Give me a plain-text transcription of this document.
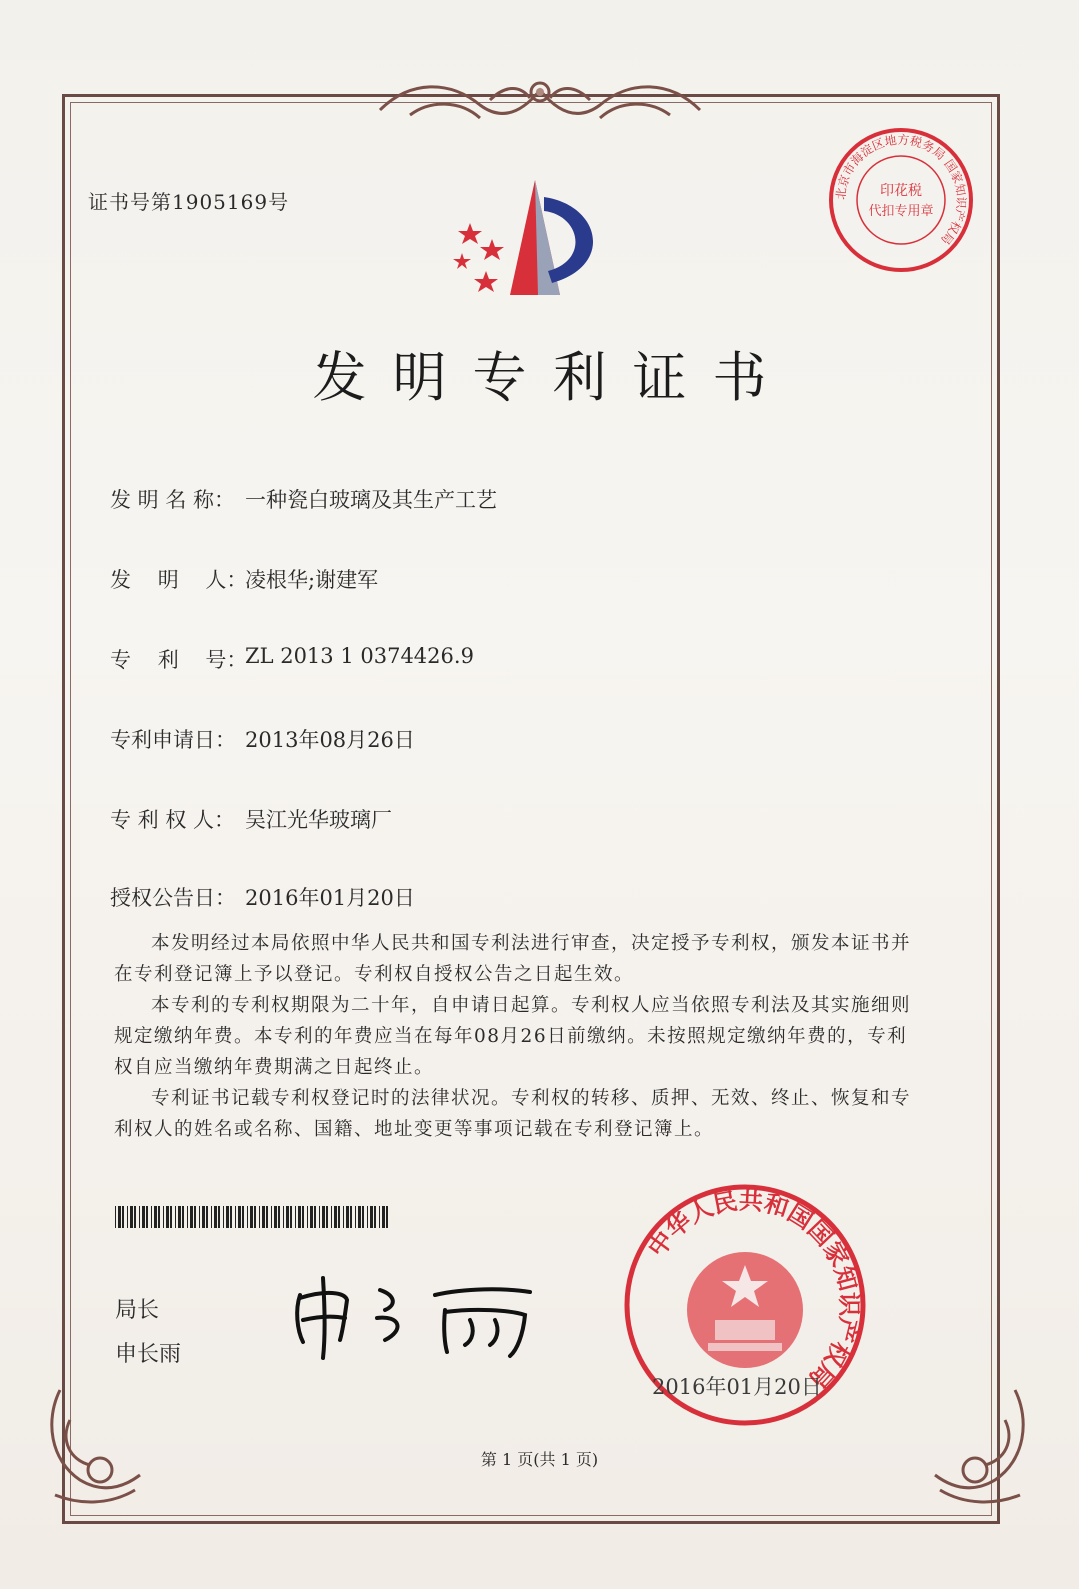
证书号第1905169号	北京市海淀区地方税务局 国家知识产权局
印花税
代扣专用章
发明专利证书
发 明 名 称： 一种瓷白玻璃及其生产工艺
发    明    人：
凌根华;谢建军
专    利    号：
ZL 2013 1 0374426.9
专利申请日： 2013年08月26日
专 利 权 人： 吴江光华玻璃厂
授权公告日： 2016年01月20日

本发明经过本局依照中华人民共和国专利法进行审查，决定授予专利权，颁发本证书并在专利登记簿上予以登记。专利权自授权公告之日起生效。

本专利的专利权期限为二十年，自申请日起算。专利权人应当依照专利法及其实施细则规定缴纳年费。本专利的年费应当在每年08月26日前缴纳。未按照规定缴纳年费的，专利权自应当缴纳年费期满之日起终止。

专利证书记载专利权登记时的法律状况。专利权的转移、质押、无效、终止、恢复和专利权人的姓名或名称、国籍、地址变更等事项记载在专利登记簿上。

局长
申长雨
中华人民共和国国家知识产权局
2016年01月20日
第 1 页(共 1 页)
